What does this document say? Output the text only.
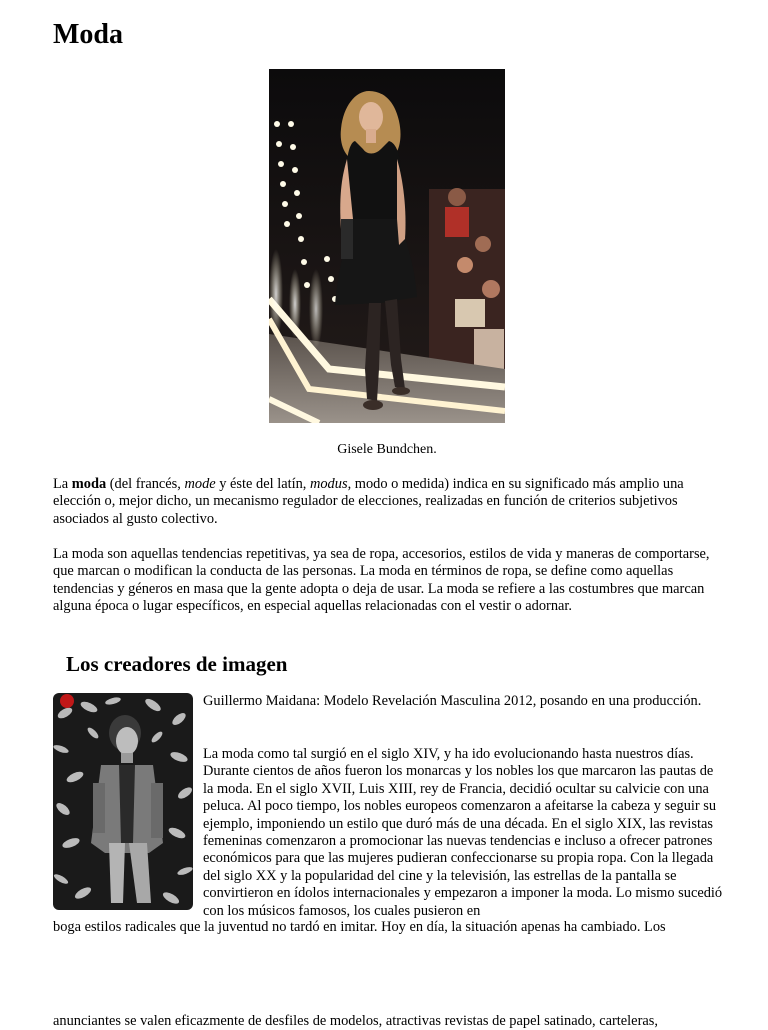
Moda
Gisele Bundchen.

La moda (del francés, mode y éste del latín, modus, modo o medida) indica en su significado más amplio una elección o, mejor dicho, un mecanismo regulador de elecciones, realizadas en función de criterios subjetivos asociados al gusto colectivo.

La moda son aquellas tendencias repetitivas, ya sea de ropa, accesorios, estilos de vida y maneras de comportarse, que marcan o modifican la conducta de las personas. La moda en términos de ropa, se define como aquellas tendencias y géneros en masa que la gente adopta o deja de usar. La moda se refiere a las costumbres que marcan alguna época o lugar específicos, en especial aquellas relacionadas con el vestir o adornar.

Los creadores de imagen

Guillermo Maidana: Modelo Revelación Masculina 2012, posando en una producción.

La moda como tal surgió en el siglo XIV, y ha ido evolucionando hasta nuestros días. Durante cientos de años fueron los monarcas y los nobles los que marcaron las pautas de la moda. En el siglo XVII, Luis XIII, rey de Francia, decidió ocultar su calvicie con una peluca. Al poco tiempo, los nobles europeos comenzaron a afeitarse la cabeza y seguir su ejemplo, imponiendo un estilo que duró más de una década. En el siglo XIX, las revistas femeninas comenzaron a promocionar las nuevas tendencias e incluso a ofrecer patrones económicos para que las mujeres pudieran confeccionarse su propia ropa. Con la llegada del siglo XX y la popularidad del cine y la televisión, las estrellas de la pantalla se convirtieron en ídolos internacionales y empezaron a imponer la moda. Lo mismo sucedió con los músicos famosos, los cuales pusieron en

boga estilos radicales que la juventud no tardó en imitar. Hoy en día, la situación apenas ha cambiado. Los

anunciantes se valen eficazmente de desfiles de modelos, atractivas revistas de papel satinado, carteleras,
